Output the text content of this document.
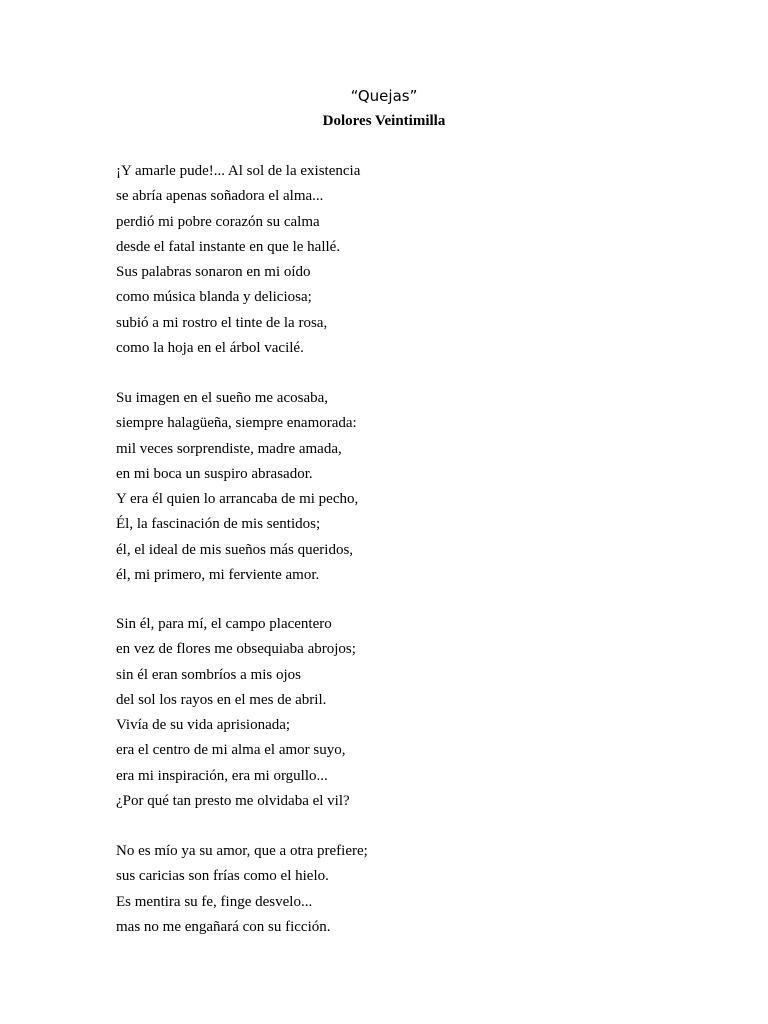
“Quejas”
Dolores Veintimilla
¡Y amarle pude!... Al sol de la existencia
se abría apenas soñadora el alma...
perdió mi pobre corazón su calma
desde el fatal instante en que le hallé.
Sus palabras sonaron en mi oído
como música blanda y deliciosa;
subió a mi rostro el tinte de la rosa,
como la hoja en el árbol vacilé.
Su imagen en el sueño me acosaba,
siempre halagüeña, siempre enamorada:
mil veces sorprendiste, madre amada,
en mi boca un suspiro abrasador.
Y era él quien lo arrancaba de mi pecho,
Él, la fascinación de mis sentidos;
él, el ideal de mis sueños más queridos,
él, mi primero, mi ferviente amor.
Sin él, para mí, el campo placentero
en vez de flores me obsequiaba abrojos;
sin él eran sombríos a mis ojos
del sol los rayos en el mes de abril.
Vivía de su vida aprisionada;
era el centro de mi alma el amor suyo,
era mi inspiración, era mi orgullo...
¿Por qué tan presto me olvidaba el vil?
No es mío ya su amor, que a otra prefiere;
sus caricias son frías como el hielo.
Es mentira su fe, finge desvelo...
mas no me engañará con su ficción.
